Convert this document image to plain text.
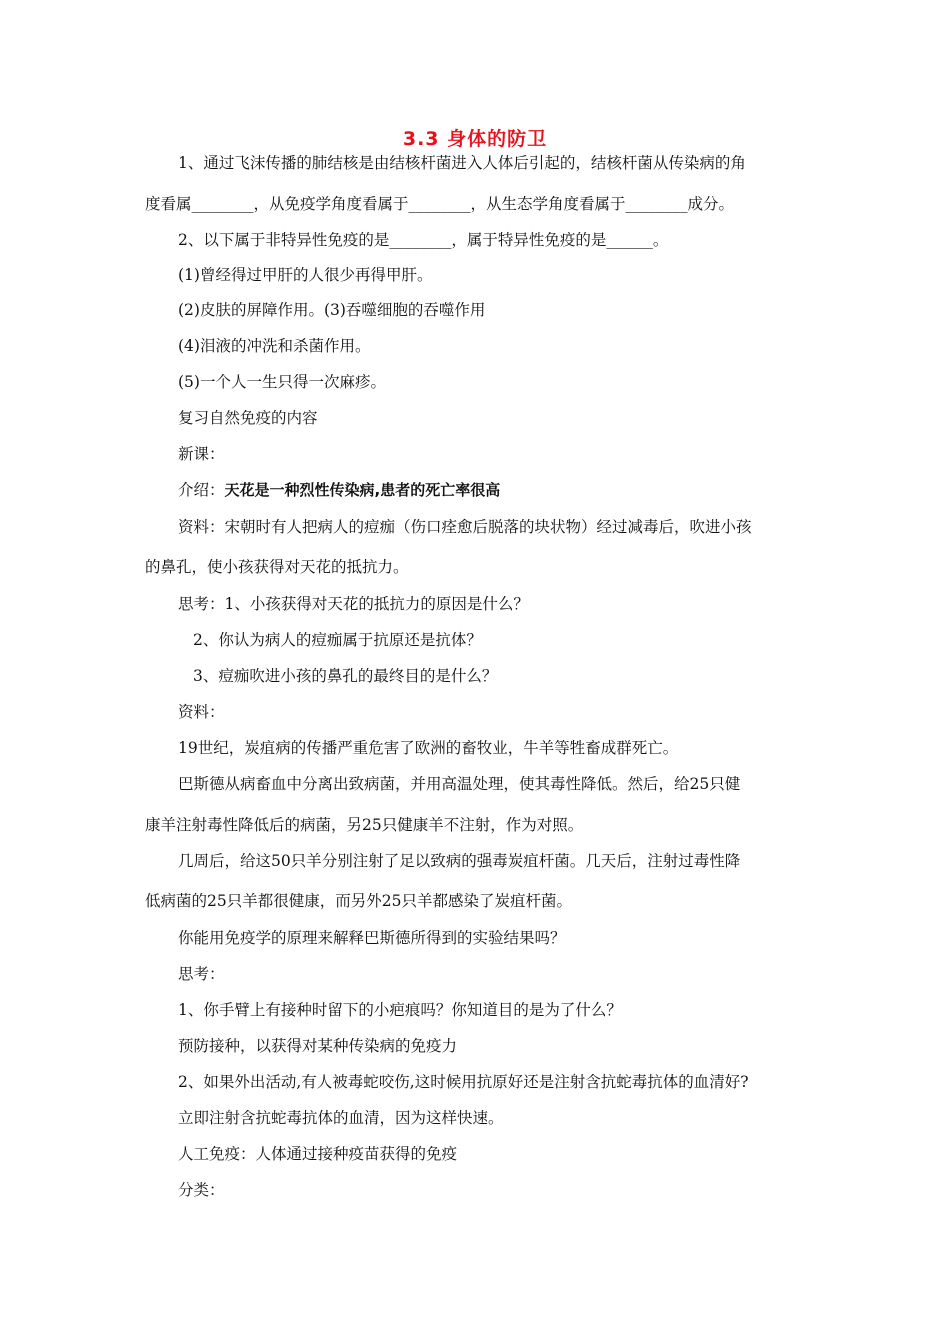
3.3 身体的防卫
1、通过飞沫传播的肺结核是由结核杆菌进入人体后引起的，结核杆菌从传染病的角
度看属________，从免疫学角度看属于________，从生态学角度看属于________成分。
2、以下属于非特异性免疫的是________，属于特异性免疫的是______。
(1)曾经得过甲肝的人很少再得甲肝。
(2)皮肤的屏障作用。(3)吞噬细胞的吞噬作用
(4)泪液的冲洗和杀菌作用。
(5)一个人一生只得一次麻疹。
复习自然免疫的内容
新课：
介绍：天花是一种烈性传染病,患者的死亡率很高
资料：宋朝时有人把病人的痘痂（伤口痊愈后脱落的块状物）经过减毒后，吹进小孩
的鼻孔，使小孩获得对天花的抵抗力。
思考：1、小孩获得对天花的抵抗力的原因是什么？
2、你认为病人的痘痂属于抗原还是抗体？
3、痘痂吹进小孩的鼻孔的最终目的是什么？
资料：
19世纪，炭疽病的传播严重危害了欧洲的畜牧业，牛羊等牲畜成群死亡。
巴斯德从病畜血中分离出致病菌，并用高温处理，使其毒性降低。然后，给25只健
康羊注射毒性降低后的病菌，另25只健康羊不注射，作为对照。
几周后，给这50只羊分别注射了足以致病的强毒炭疽杆菌。几天后，注射过毒性降
低病菌的25只羊都很健康，而另外25只羊都感染了炭疽杆菌。
你能用免疫学的原理来解释巴斯德所得到的实验结果吗？
思考：
1、你手臂上有接种时留下的小疤痕吗？你知道目的是为了什么？
预防接种，以获得对某种传染病的免疫力
2、如果外出活动,有人被毒蛇咬伤,这时候用抗原好还是注射含抗蛇毒抗体的血清好?
立即注射含抗蛇毒抗体的血清，因为这样快速。
人工免疫：人体通过接种疫苗获得的免疫
分类：
